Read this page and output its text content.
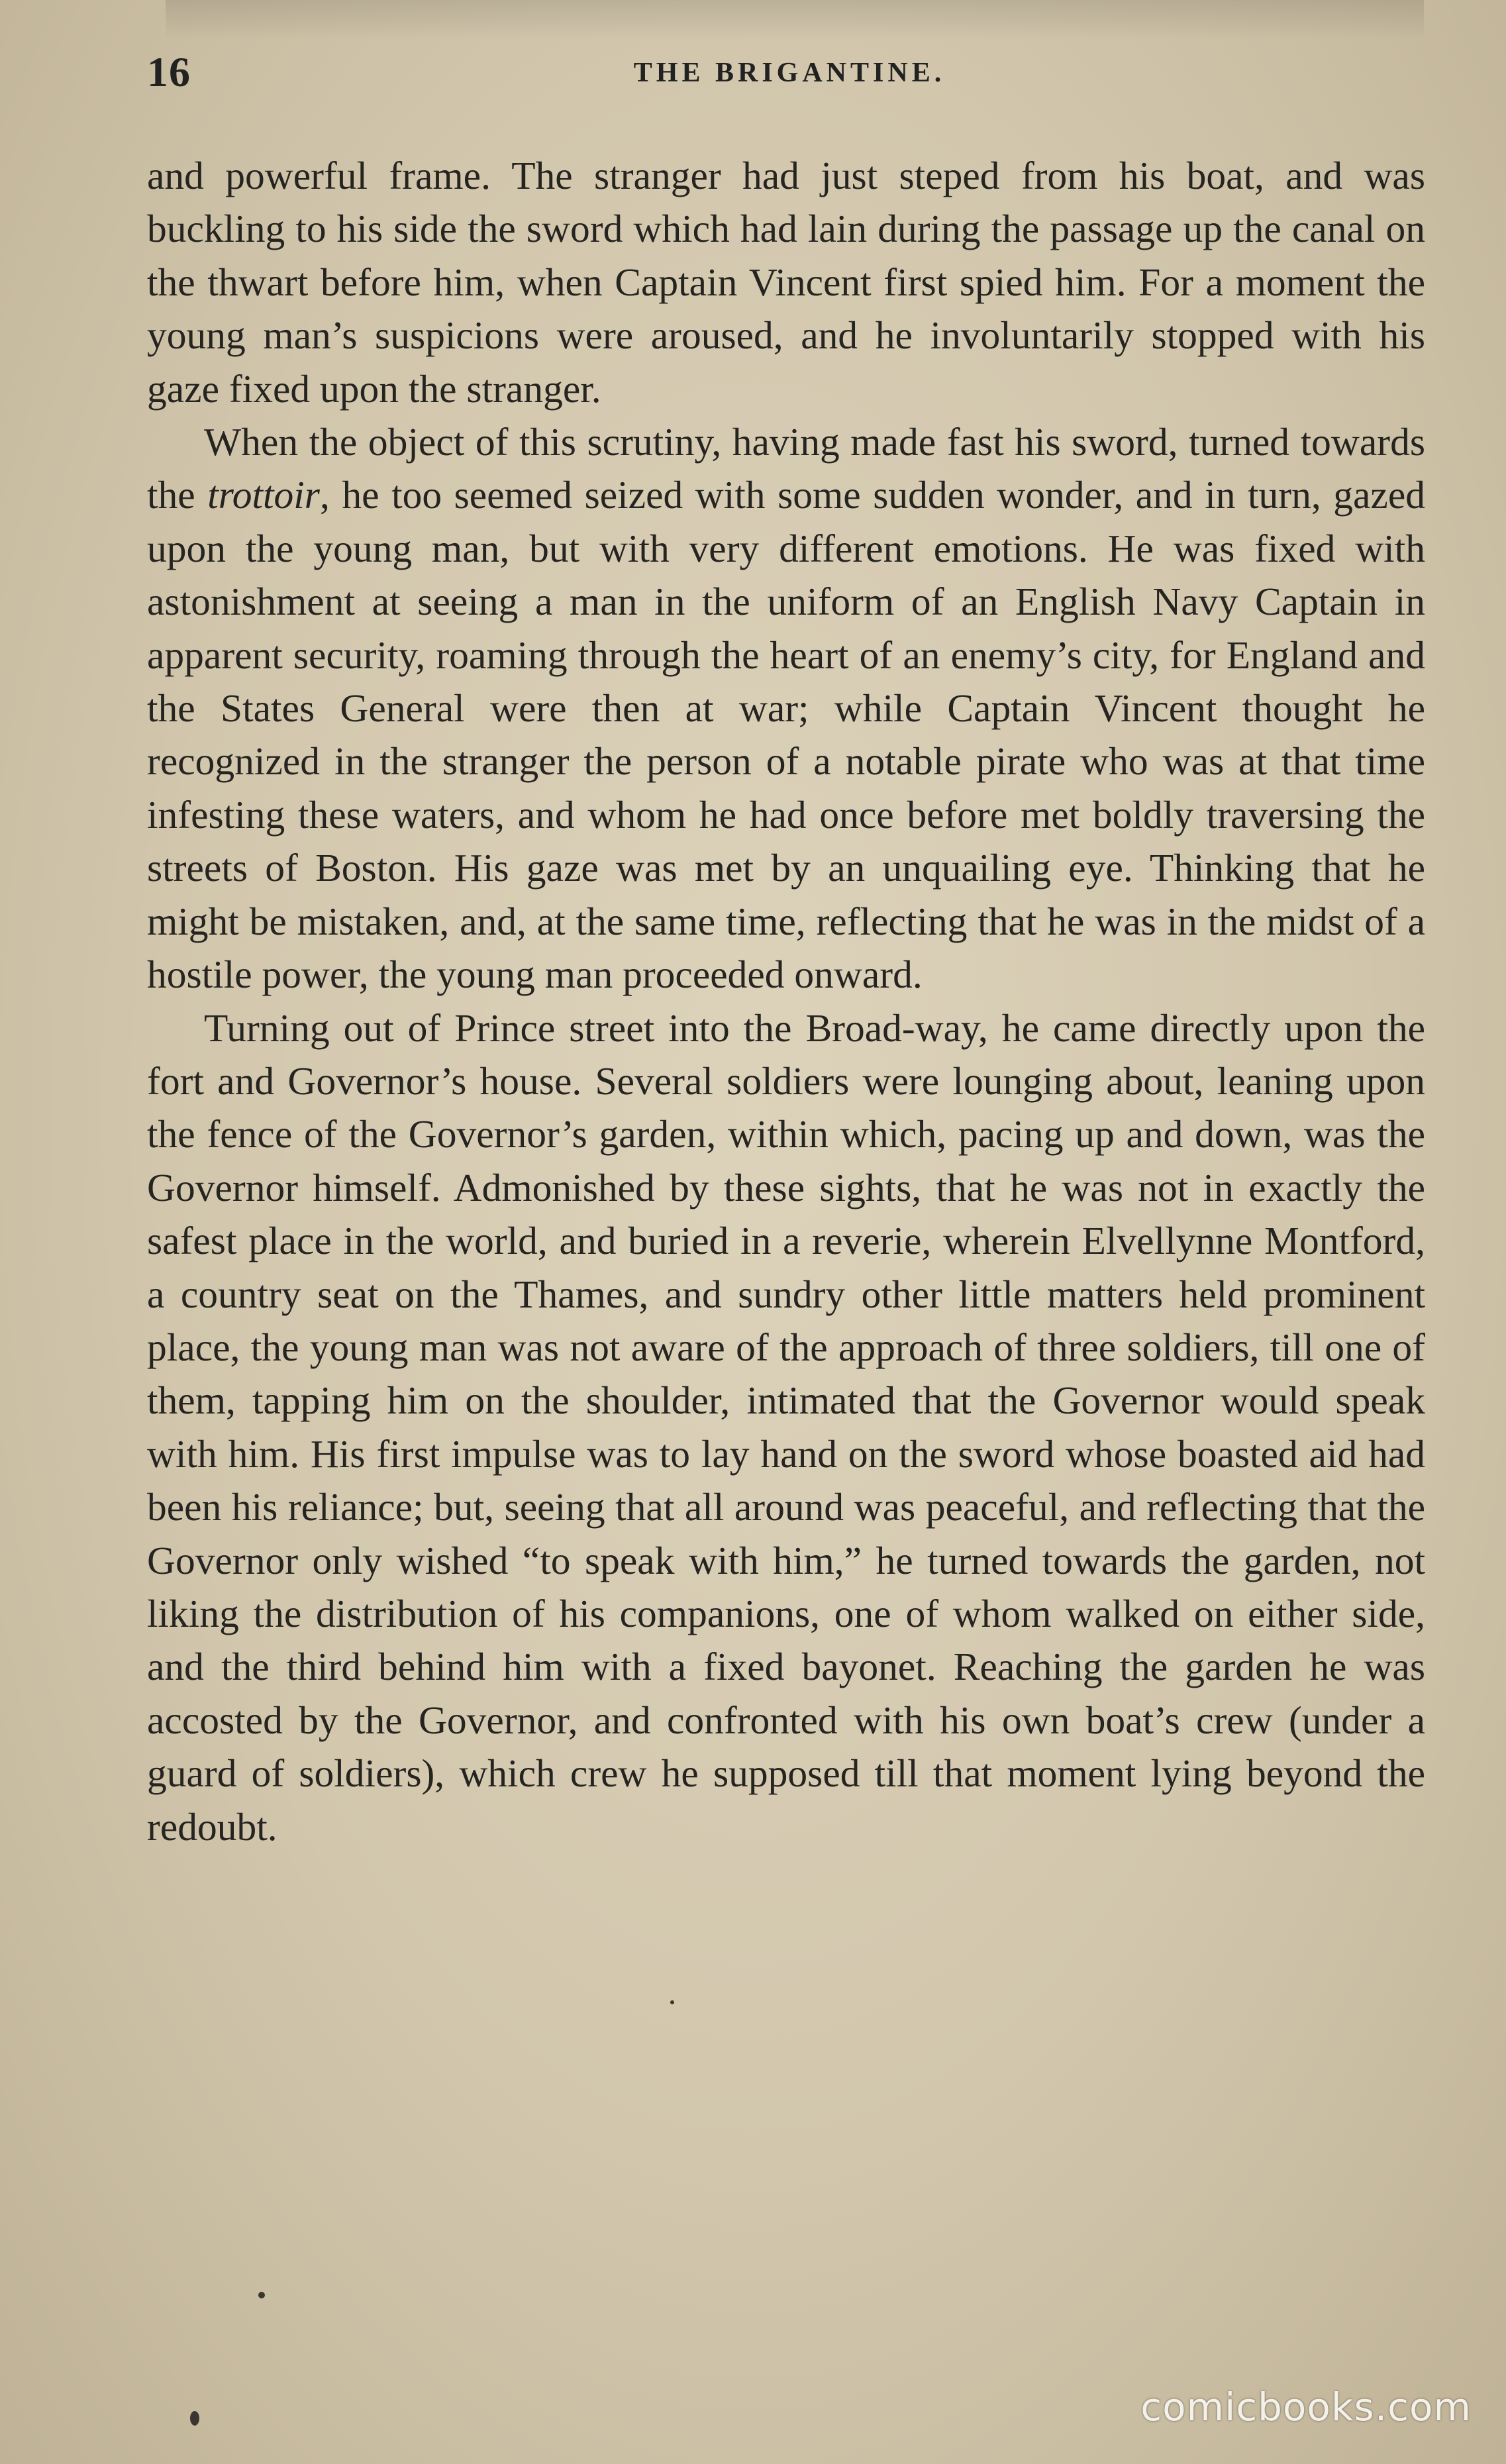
16	THE BRIGANTINE.

and powerful frame. The stranger had just steped from his boat, and was buckling to his side the sword which had lain during the passage up the canal on the thwart before him, when Captain Vincent first spied him. For a moment the young man’s suspicions were aroused, and he involuntarily stopped with his gaze fixed upon the stranger.

When the object of this scrutiny, having made fast his sword, turned towards the trottoir, he too seemed seized with some sudden wonder, and in turn, gazed upon the young man, but with very different emotions. He was fixed with astonishment at seeing a man in the uniform of an English Navy Captain in apparent security, roaming through the heart of an enemy’s city, for England and the States General were then at war; while Captain Vincent thought he recognized in the stranger the person of a notable pirate who was at that time infesting these waters, and whom he had once before met boldly traversing the streets of Boston. His gaze was met by an unquailing eye. Thinking that he might be mistaken, and, at the same time, reflecting that he was in the midst of a hostile power, the young man proceeded onward.

Turning out of Prince street into the Broad-way, he came directly upon the fort and Governor’s house. Several soldiers were lounging about, leaning upon the fence of the Governor’s garden, within which, pacing up and down, was the Governor himself. Admonished by these sights, that he was not in exactly the safest place in the world, and buried in a reverie, wherein Elvellynne Montford, a country seat on the Thames, and sundry other little matters held prominent place, the young man was not aware of the approach of three soldiers, till one of them, tapping him on the shoulder, intimated that the Governor would speak with him. His first impulse was to lay hand on the sword whose boasted aid had been his reliance; but, seeing that all around was peaceful, and reflecting that the Governor only wished “to speak with him,” he turned towards the garden, not liking the distribution of his companions, one of whom walked on either side, and the third behind him with a fixed bayonet. Reaching the garden he was accosted by the Governor, and confronted with his own boat’s crew (under a guard of soldiers), which crew he supposed till that moment lying beyond the redoubt.

comicbooks.com
